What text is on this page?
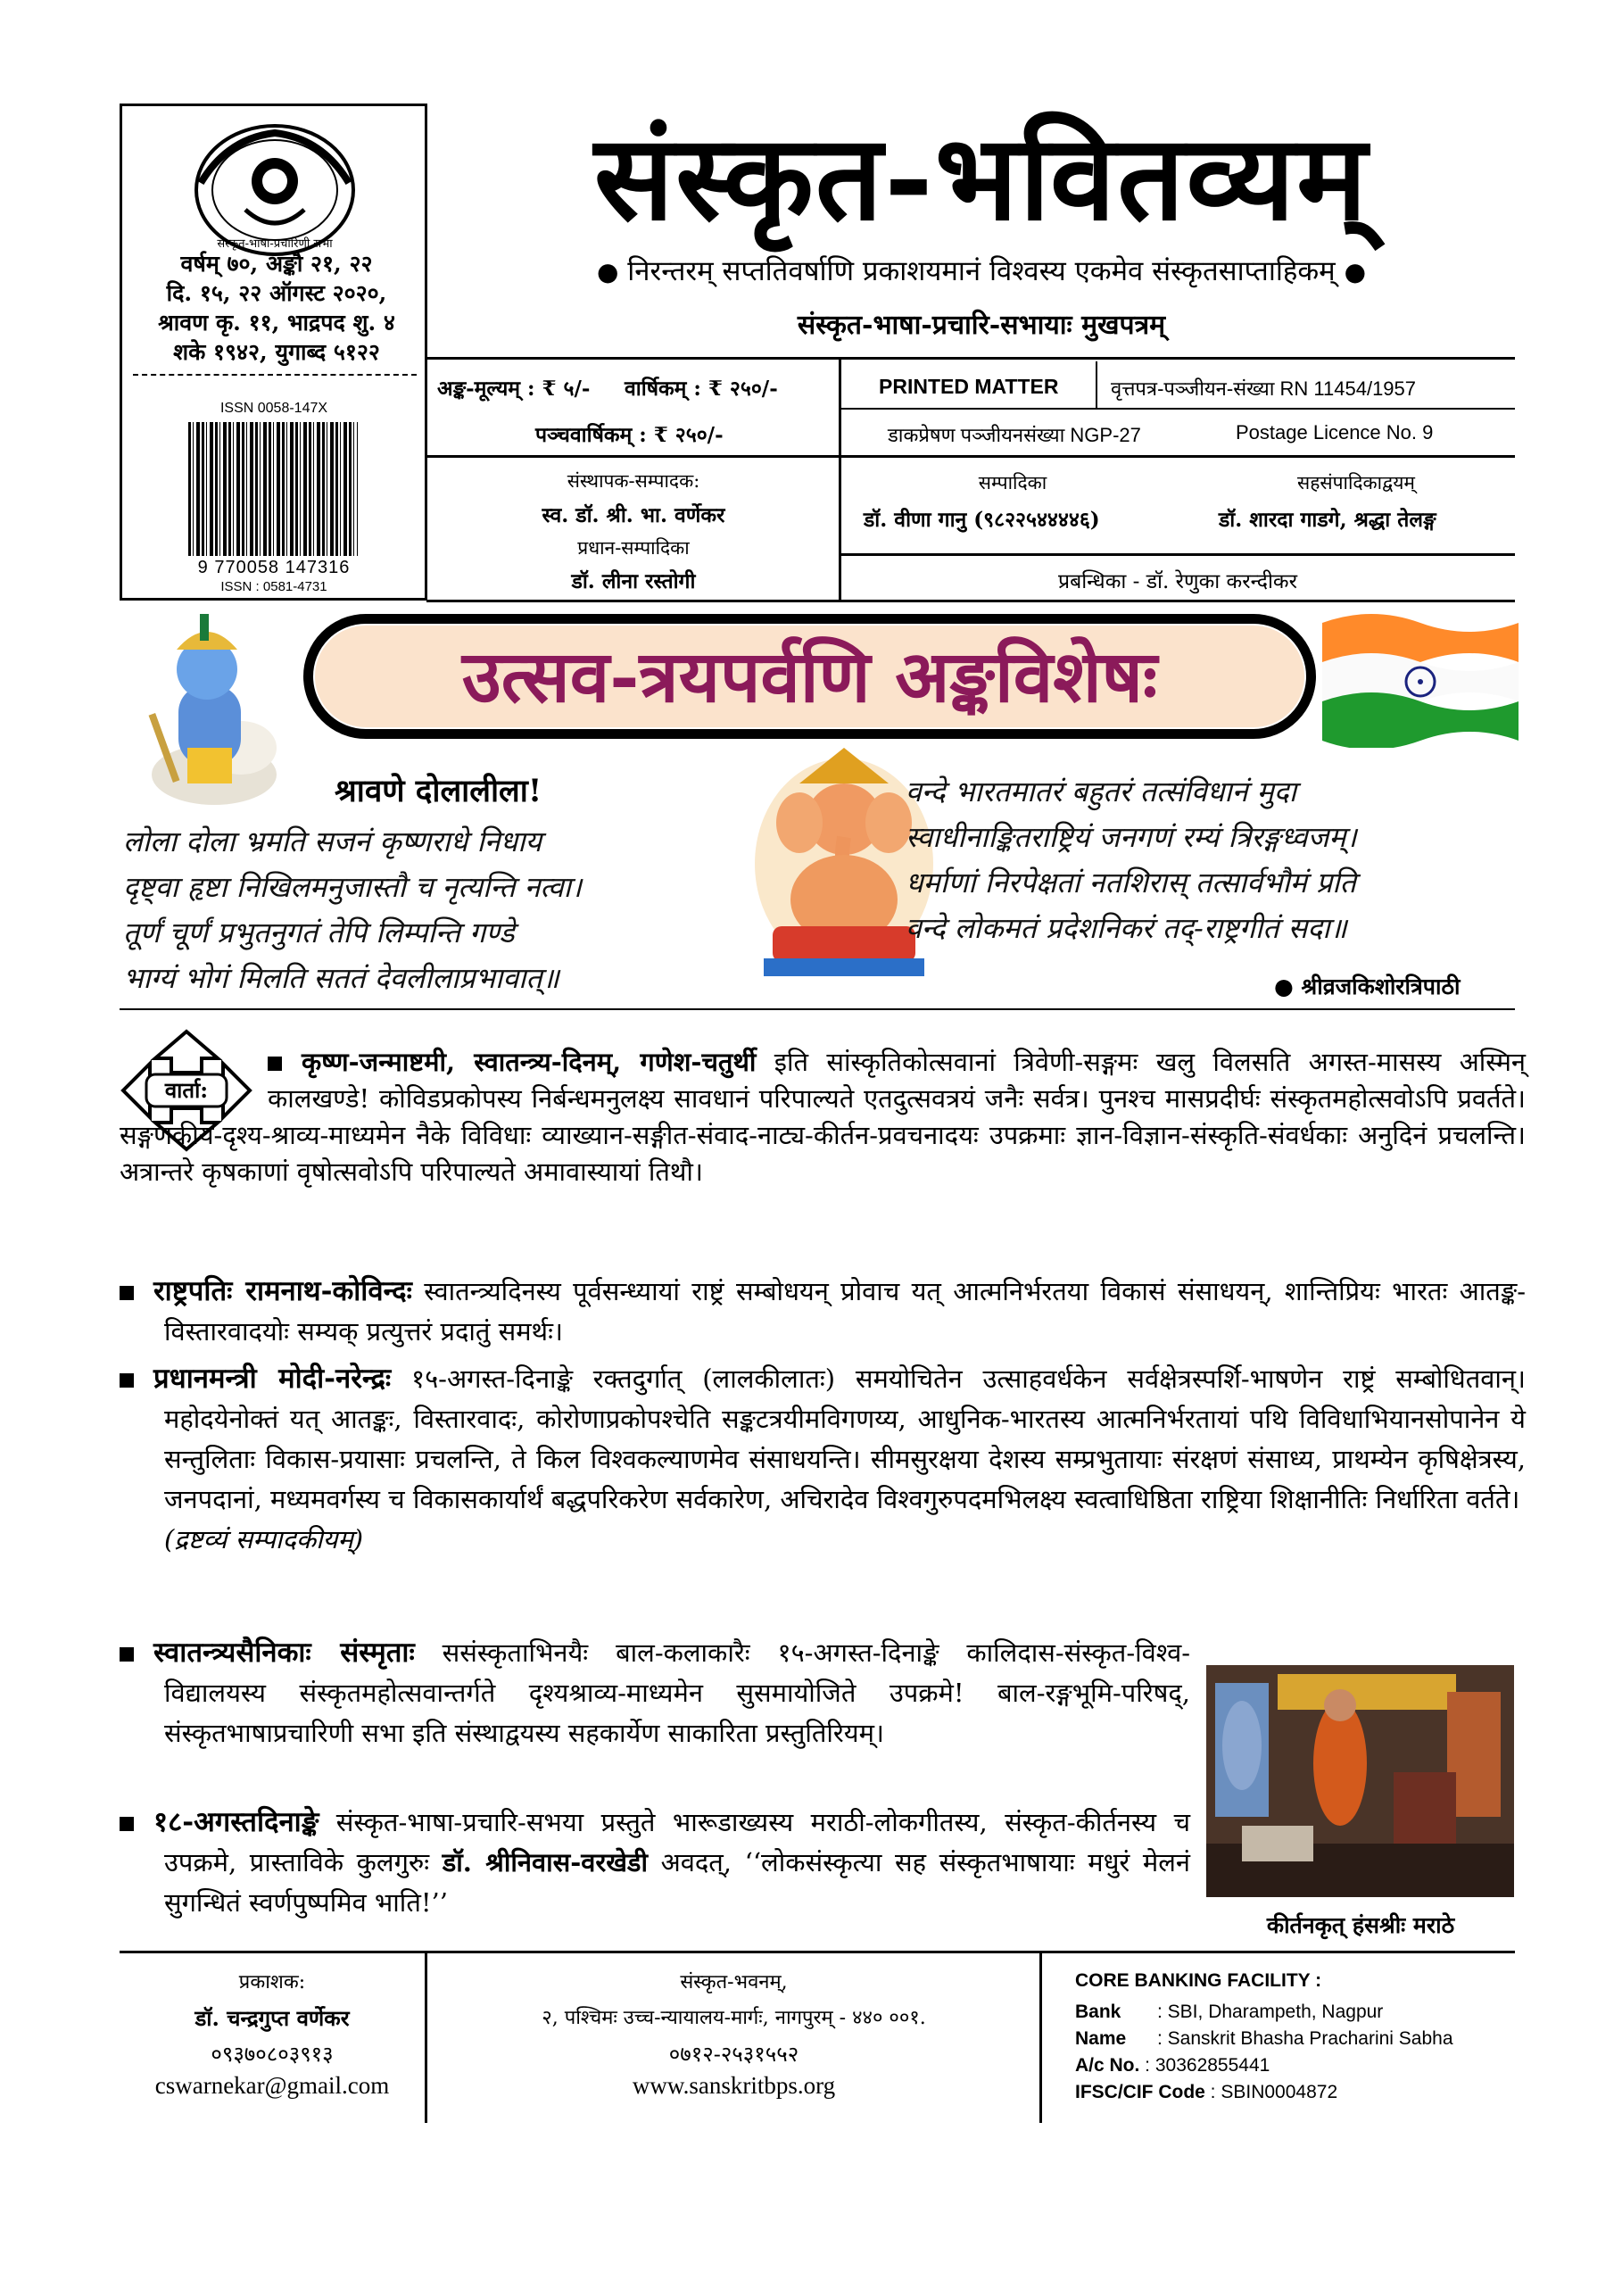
संस्कृत-भाषा-प्रचारिणी सभा
वर्षम् ७०, अङ्कौ २१, २२
दि. १५, २२ ऑगस्ट २०२०,
श्रावण कृ. ११, भाद्रपद शु. ४
शके १९४२, युगाब्द ५१२२
ISSN 0058-147X
9 770058 147316
ISSN : 0581-4731
संस्कृत-भवितव्यम्
● निरन्तरम् सप्ततिवर्षाणि प्रकाशयमानं विश्वस्य एकमेव संस्कृतसाप्ताहिकम् ●
संस्कृत-भाषा-प्रचारि-सभायाः मुखपत्रम्
अङ्क-मूल्यम् : ₹ ५/- वार्षिकम् : ₹ २५०/-
पञ्चवार्षिकम् : ₹ २५०/-
PRINTED MATTER	वृत्तपत्र-पञ्जीयन-संख्या RN 11454/1957
डाकप्रेषण पञ्जीयनसंख्या NGP-27	Postage Licence No. 9
संस्थापक-सम्पादक:
स्व. डॉ. श्री. भा. वर्णेकर
प्रधान-सम्पादिका
डॉ. लीना रस्तोगी
सम्पादिका
डॉ. वीणा गानु (९८२२५४४४४६)
सहसंपादिकाद्वयम्
डॉ. शारदा गाडगे, श्रद्धा तेलङ्ग
प्रबन्धिका - डॉ. रेणुका करन्दीकर
उत्सव-त्रयपर्वणि अङ्कविशेषः
श्रावणे दोलालीला!
लोला दोला भ्रमति सजनं कृष्णराधे निधाय
दृष्ट्वा हृष्टा निखिलमनुजास्तौ च नृत्यन्ति नत्वा।
तूर्णं चूर्णं प्रभुतनुगतं तेपि लिम्पन्ति गण्डे
भाग्यं भोगं मिलति सततं देवलीलाप्रभावात्॥
वन्दे भारतमातरं बहुतरं तत्संविधानं मुदा
स्वाधीनाङ्कितराष्ट्रियं जनगणं रम्यं त्रिरङ्गध्वजम्।
धर्माणां निरपेक्षतां नतशिरास् तत्सार्वभौमं प्रति
वन्दे लोकमतं प्रदेशनिकरं तद्-राष्ट्रगीतं सदा॥
● श्रीव्रजकिशोरत्रिपाठी
वार्ता:
कृष्ण-जन्माष्टमी, स्वातन्त्र्य-दिनम्, गणेश-चतुर्थी इति सांस्कृतिकोत्सवानां त्रिवेणी-सङ्गमः खलु विलसति अगस्त-मासस्य अस्मिन् कालखण्डे! कोविडप्रकोपस्य निर्बन्धमनुलक्ष्य सावधानं परिपाल्यते एतदुत्सवत्रयं जनैः सर्वत्र। पुनश्च मासप्रदीर्घः संस्कृतमहोत्सवोऽपि प्रवर्तते। सङ्गणकीय-दृश्य-श्राव्य-माध्यमेन नैके विविधाः व्याख्यान-सङ्गीत-संवाद-नाट्य-कीर्तन-प्रवचनादयः उपक्रमाः ज्ञान-विज्ञान-संस्कृति-संवर्धकाः अनुदिनं प्रचलन्ति। अत्रान्तरे कृषकाणां वृषोत्सवोऽपि परिपाल्यते अमावास्यायां तिथौ।
राष्ट्रपतिः रामनाथ-कोविन्दः स्वातन्त्र्यदिनस्य पूर्वसन्ध्यायां राष्ट्रं सम्बोधयन् प्रोवाच यत् आत्मनिर्भरतया विकासं संसाधयन्, शान्तिप्रियः भारतः आतङ्क-विस्तारवादयोः सम्यक् प्रत्युत्तरं प्रदातुं समर्थः।
प्रधानमन्त्री मोदी-नरेन्द्रः १५-अगस्त-दिनाङ्के रक्तदुर्गात् (लालकीलातः) समयोचितेन उत्साहवर्धकेन सर्वक्षेत्रस्पर्शि-भाषणेन राष्ट्रं सम्बोधितवान्। महोदयेनोक्तं यत् आतङ्कः, विस्तारवादः, कोरोणाप्रकोपश्चेति सङ्कटत्रयीमविगणय्य, आधुनिक-भारतस्य आत्मनिर्भरतायां पथि विविधाभियानसोपानेन ये सन्तुलिताः विकास-प्रयासाः प्रचलन्ति, ते किल विश्वकल्याणमेव संसाधयन्ति। सीमसुरक्षया देशस्य सम्प्रभुतायाः संरक्षणं संसाध्य, प्राथम्येन कृषिक्षेत्रस्य, जनपदानां, मध्यमवर्गस्य च विकासकार्यार्थं बद्धपरिकरेण सर्वकारेण, अचिरादेव विश्वगुरुपदमभिलक्ष्य स्वत्वाधिष्ठिता राष्ट्रिया शिक्षानीतिः निर्धारिता वर्तते।
(द्रष्टव्यं सम्पादकीयम्)
स्वातन्त्र्यसैनिकाः संस्मृताः ससंस्कृताभिनयैः बाल-कलाकारैः १५-अगस्त-दिनाङ्के कालिदास-संस्कृत-विश्व-विद्यालयस्य संस्कृतमहोत्सवान्तर्गते दृश्यश्राव्य-माध्यमेन सुसमायोजिते उपक्रमे! बाल-रङ्गभूमि-परिषद्, संस्कृतभाषाप्रचारिणी सभा इति संस्थाद्वयस्य सहकार्येण साकारिता प्रस्तुतिरियम्।
१८-अगस्तदिनाङ्के संस्कृत-भाषा-प्रचारि-सभया प्रस्तुते भारूडाख्यस्य मराठी-लोकगीतस्य, संस्कृत-कीर्तनस्य च उपक्रमे, प्रास्ताविके कुलगुरुः डॉ. श्रीनिवास-वरखेडी अवदत्, ‘‘लोकसंस्कृत्या सह संस्कृतभाषायाः मधुरं मेलनं सुगन्धितं स्वर्णपुष्पमिव भाति!’’
कीर्तनकृत् हंसश्रीः मराठे
प्रकाशक:
डॉ. चन्द्रगुप्त वर्णेकर
०९३७०८०३९१३
cswarnekar@gmail.com
संस्कृत-भवनम्,
२, पश्चिमः उच्च-न्यायालय-मार्गः, नागपुरम् - ४४० ००१.
०७१२-२५३१५५२
www.sanskritbps.org
CORE BANKING FACILITY :
Bank : SBI, Dharampeth, Nagpur
Name : Sanskrit Bhasha Pracharini Sabha
A/c No. : 30362855441
IFSC/CIF Code : SBIN0004872
